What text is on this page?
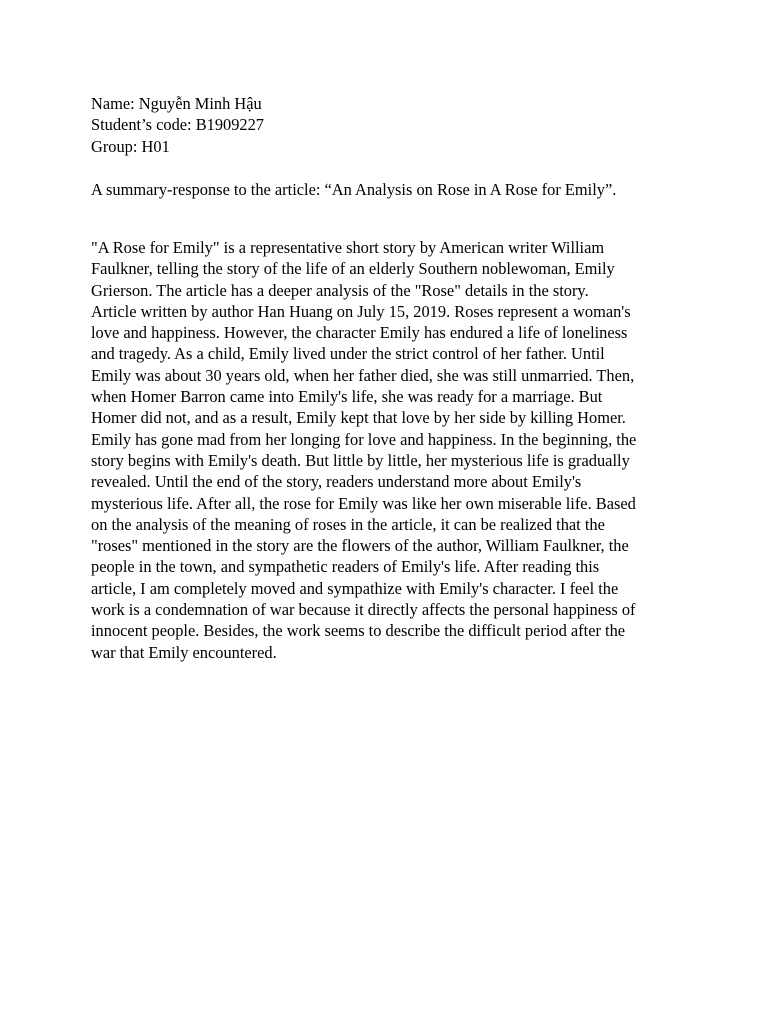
Name: Nguyễn Minh Hậu
Student’s code: B1909227
Group: H01
A summary-response to the article: “An Analysis on Rose in A Rose for Emily”.
"A Rose for Emily" is a representative short story by American writer William
Faulkner, telling the story of the life of an elderly Southern noblewoman, Emily
Grierson. The article has a deeper analysis of the "Rose" details in the story.
Article written by author Han Huang on July 15, 2019. Roses represent a woman's
love and happiness. However, the character Emily has endured a life of loneliness
and tragedy. As a child, Emily lived under the strict control of her father. Until
Emily was about 30 years old, when her father died, she was still unmarried. Then,
when Homer Barron came into Emily's life, she was ready for a marriage. But
Homer did not, and as a result, Emily kept that love by her side by killing Homer.
Emily has gone mad from her longing for love and happiness. In the beginning, the
story begins with Emily's death. But little by little, her mysterious life is gradually
revealed. Until the end of the story, readers understand more about Emily's
mysterious life. After all, the rose for Emily was like her own miserable life. Based
on the analysis of the meaning of roses in the article, it can be realized that the
"roses" mentioned in the story are the flowers of the author, William Faulkner, the
people in the town, and sympathetic readers of Emily's life. After reading this
article, I am completely moved and sympathize with Emily's character. I feel the
work is a condemnation of war because it directly affects the personal happiness of
innocent people. Besides, the work seems to describe the difficult period after the
war that Emily encountered.
